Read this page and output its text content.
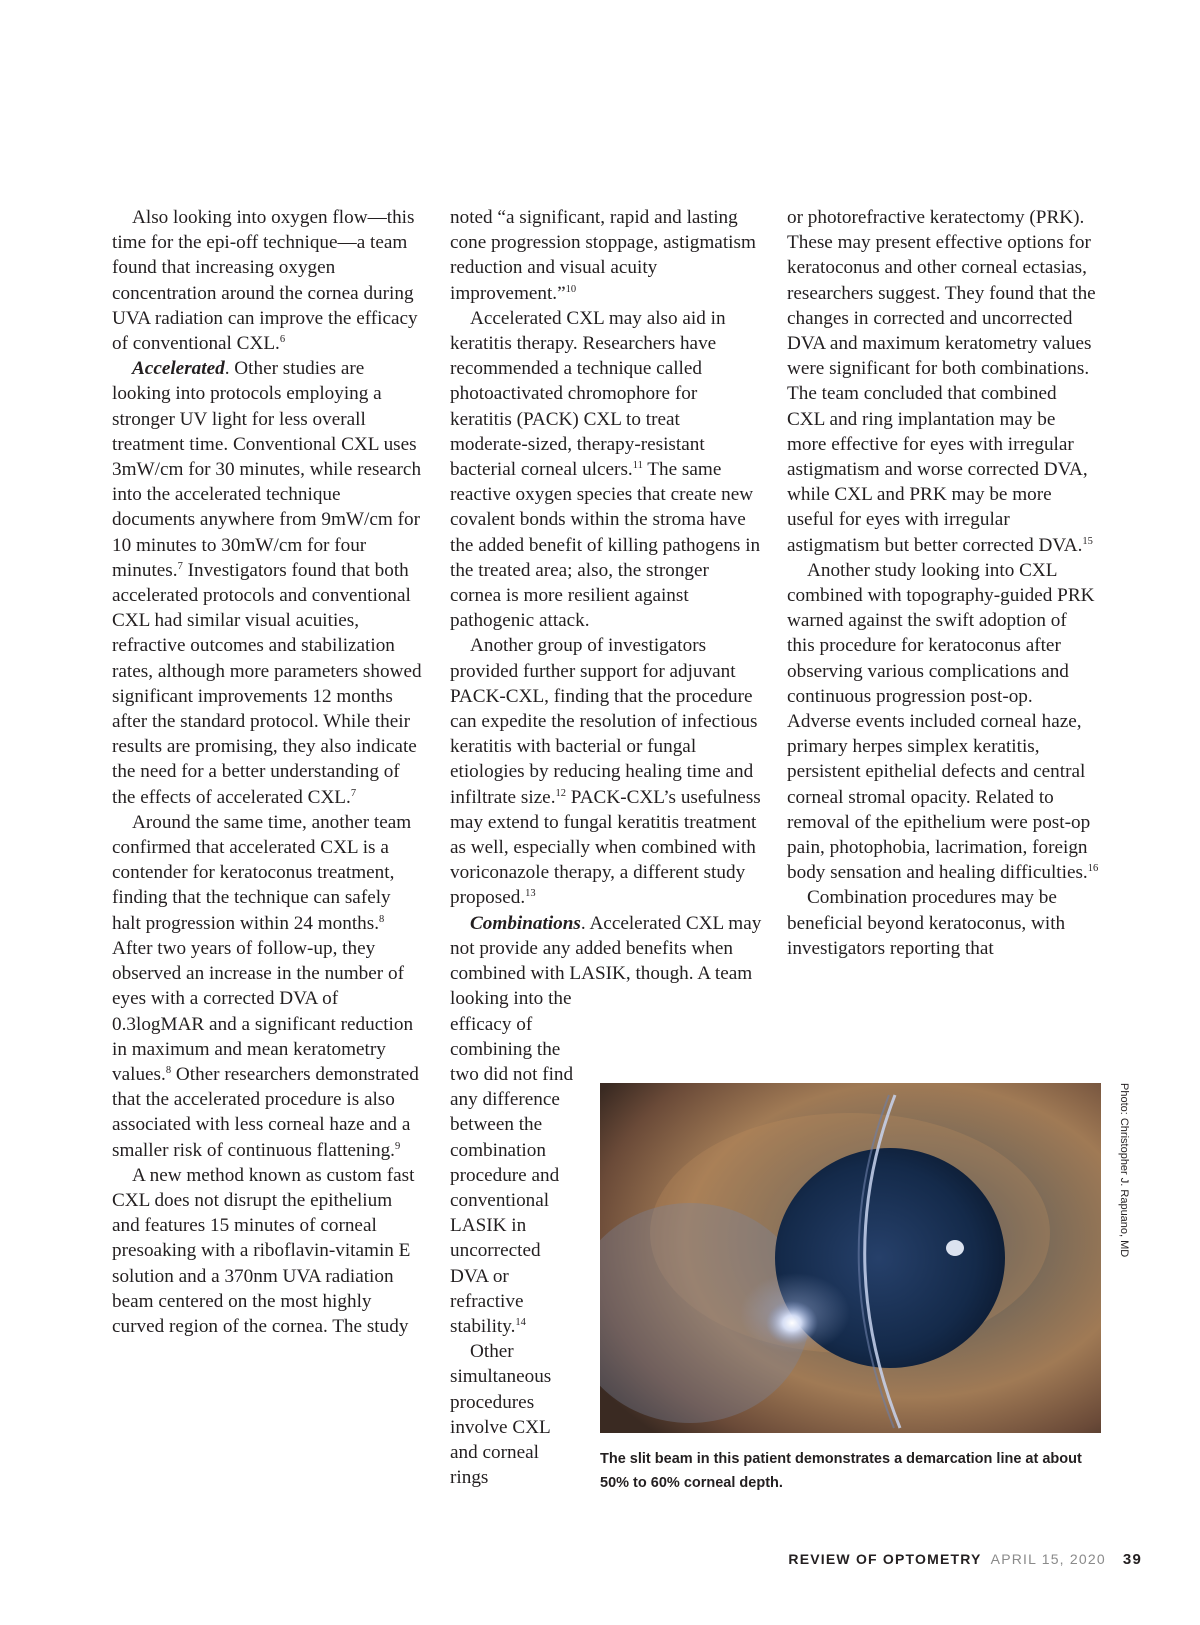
Also looking into oxygen flow—this time for the epi-off technique—a team found that increasing oxygen concentration around the cornea during UVA radiation can improve the efficacy of conventional CXL.$^6$

Accelerated. Other studies are looking into protocols employing a stronger UV light for less overall treatment time. Conventional CXL uses 3mW/cm for 30 minutes, while research into the accelerated technique documents anywhere from 9mW/cm for 10 minutes to 30mW/cm for four minutes.$^7$ Investigators found that both accelerated protocols and conventional CXL had similar visual acuities, refractive outcomes and stabilization rates, although more parameters showed significant improvements 12 months after the standard protocol. While their results are promising, they also indicate the need for a better understanding of the effects of accelerated CXL.$^7$

Around the same time, another team confirmed that accelerated CXL is a contender for keratoconus treatment, finding that the technique can safely halt progression within 24 months.$^8$ After two years of follow-up, they observed an increase in the number of eyes with a corrected DVA of 0.3logMAR and a significant reduction in maximum and mean keratometry values.$^8$ Other researchers demonstrated that the accelerated procedure is also associated with less corneal haze and a smaller risk of continuous flattening.$^9$

A new method known as custom fast CXL does not disrupt the epithelium and features 15 minutes of corneal presoaking with a riboflavin-vitamin E solution and a 370nm UVA radiation beam centered on the most highly curved region of the cornea. The study

noted “a significant, rapid and lasting cone progression stoppage, astigmatism reduction and visual acuity improvement.”$^{10}$

Accelerated CXL may also aid in keratitis therapy. Researchers have recommended a technique called photoactivated chromophore for keratitis (PACK) CXL to treat moderate-sized, therapy-resistant bacterial corneal ulcers.$^{11}$ The same reactive oxygen species that create new covalent bonds within the stroma have the added benefit of killing pathogens in the treated area; also, the stronger cornea is more resilient against pathogenic attack.

Another group of investigators provided further support for adjuvant PACK-CXL, finding that the procedure can expedite the resolution of infectious keratitis with bacterial or fungal etiologies by reducing healing time and infiltrate size.$^{12}$ PACK-CXL’s usefulness may extend to fungal keratitis treatment as well, especially when combined with voriconazole therapy, a different study proposed.$^{13}$

Combinations. Accelerated CXL may not provide any added benefits when combined with LASIK, though. A team looking into the

efficacy of combining the two did not find any difference between the combination procedure and conventional LASIK in uncorrected DVA or refractive stability.$^{14}$

Other simultaneous procedures involve CXL and corneal rings

or photorefractive keratectomy (PRK). These may present effective options for keratoconus and other corneal ectasias, researchers suggest. They found that the changes in corrected and uncorrected DVA and maximum keratometry values were significant for both combinations. The team concluded that combined CXL and ring implantation may be more effective for eyes with irregular astigmatism and worse corrected DVA, while CXL and PRK may be more useful for eyes with irregular astigmatism but better corrected DVA.$^{15}$

Another study looking into CXL combined with topography-guided PRK warned against the swift adoption of this procedure for keratoconus after observing various complications and continuous progression post-op. Adverse events included corneal haze, primary herpes simplex keratitis, persistent epithelial defects and central corneal stromal opacity. Related to removal of the epithelium were post-op pain, photophobia, lacrimation, foreign body sensation and healing difficulties.$^{16}$

Combination procedures may be beneficial beyond keratoconus, with investigators reporting that

Photo: Christopher J. Rapuano, MD
The slit beam in this patient demonstrates a demarcation line at about 50% to 60% corneal depth.
REVIEW OF OPTOMETRY APRIL 15, 2020 39
